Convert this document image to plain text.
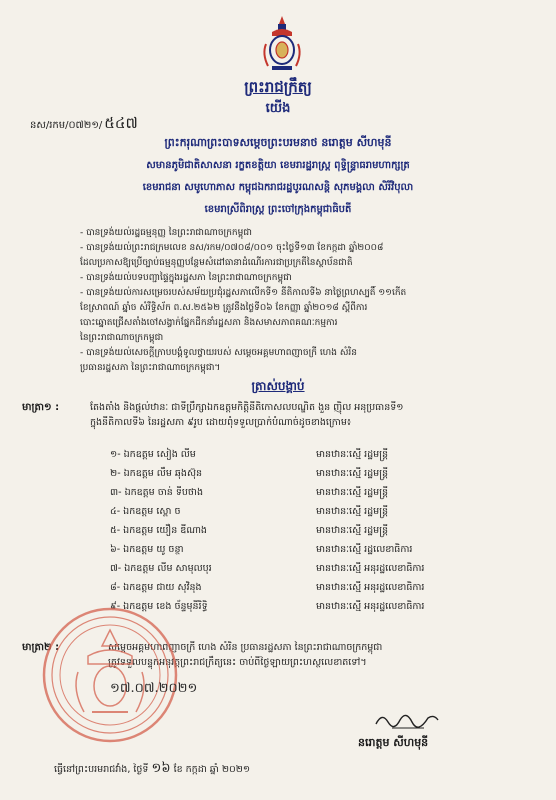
ព្រះរាជក្រឹត្យ
យើង
នស/រកម/០៧២១/ ៥៤៧
ព្រះករុណាព្រះបាទសម្តេចព្រះបរមនាថ នរោត្តម សីហមុនី
សមានភូមិជាតិសាសនា រក្ខតខត្តិយា ខេមរារដ្ឋរាស្ត្រ ពុទ្ធិន្ទ្រាធរាមហាក្សត្រ
ខេមរាជនា សមូហោភាស កម្ពុជឯករាជរដ្ឋបូរណសន្តិ សុភមង្គលា សិរីវិបុលា
ខេមរាស្រីពិរាស្ត្រ ព្រះចៅក្រុងកម្ពុជាធិបតី
- បានទ្រង់យល់រដ្ឋធម្មនុញ្ញ នៃព្រះរាជាណាចក្រកម្ពុជា
- បានទ្រង់យល់ព្រះរាជក្រមលេខ នស/រកម/០៧០៨/០០១ ចុះថ្ងៃទី១៣ ខែកក្កដា ឆ្នាំ២០០៨
ដែលប្រកាសឱ្យប្រើច្បាប់ធម្មនុញ្ញបន្ថែមសំដៅធានាដំណើរការជាប្រក្រតីនៃស្ថាប័នជាតិ
- បានទ្រង់យល់បទបញ្ជាផ្ទៃក្នុងរដ្ឋសភា នៃព្រះរាជាណាចក្រកម្ពុជា
- បានទ្រង់យល់ការសម្រេចរបស់សម័យប្រជុំរដ្ឋសភាលើកទី១ នីតិកាលទី៦ នាថ្ងៃព្រហស្បតិ៍ ១១កើត
ខែស្រាពណ៍ ឆ្នាំច សំរឹទ្ធិស័ក ព.ស.២៥៦២ ត្រូវនឹងថ្ងៃទី០៦ ខែកញ្ញា ឆ្នាំ២០១៨ ស្តីពីការ
បោះឆ្នោតជ្រើសតាំងចៅសង្វាក់ផ្នែកដឹកនាំរដ្ឋសភា និងសមាសភាពគណៈកម្មការ
នៃព្រះរាជាណាចក្រកម្ពុជា
- បានទ្រង់យល់សេចក្តីក្រាបបង្គំទូលថ្វាយរបស់ សម្តេចអគ្គមហាពញាចក្រី ហេង សំរិន
ប្រធានរដ្ឋសភា នៃព្រះរាជាណាចក្រកម្ពុជា។
ត្រាស់បង្គាប់
មាត្រា១ :	តែងតាំង និងផ្តល់ឋានៈ ជាទីប្រឹក្សាឯកឧត្តមកិត្តិនីតិកោសលបណ្ឌិត ងួន ញ៉ិល អនុប្រធានទី១
ក្នុងនីតិកាលទី៦ នៃរដ្ឋសភា ៩រូប ដោយពុំទទួលប្រាក់បំណាច់ដូចខាងក្រោម៖
១- ឯកឧត្តម សៀង លីម	មានឋានៈស្មើ រដ្ឋមន្ត្រី
២- ឯកឧត្តម លឹម ឆុងស៊ុន	មានឋានៈស្មើ រដ្ឋមន្ត្រី
៣- ឯកឧត្តម ចាន់ ទីបថាង	មានឋានៈស្មើ រដ្ឋមន្ត្រី
៤- ឯកឧត្តម ស្ពោ ច	មានឋានៈស្មើ រដ្ឋមន្ត្រី
៥- ឯកឧត្តម យឿន ឌីណាង	មានឋានៈស្មើ រដ្ឋមន្ត្រី
៦- ឯកឧត្តម យូ ចន្ថា	មានឋានៈស្មើ រដ្ឋលេខាធិការ
៧- ឯកឧត្តម លីម សាមុលបុរ	មានឋានៈស្មើ អនុរដ្ឋលេខាធិការ
៨- ឯកឧត្តម ជាយ សុវិនុង	មានឋានៈស្មើ អនុរដ្ឋលេខាធិការ
៩- ឯកឧត្តម ខេង ច័ន្ទមុនីរិទ្ធិ	មានឋានៈស្មើ អនុរដ្ឋលេខាធិការ
មាត្រា២ :	សម្តេចអគ្គមហាពញាចក្រី ហេង សំរិន ប្រធានរដ្ឋសភា នៃព្រះរាជាណាចក្រកម្ពុជា
ត្រូវទទួលបន្ទុកអនុវត្តព្រះរាជក្រឹត្យនេះ ចាប់ពីថ្ងៃឡាយព្រះហស្ថលេខាតទៅ។
១៧.០៧.២០២១
នរោត្តម សីហមុនី
ធ្វើនៅព្រះបរមរាជវាំង, ថ្ងៃទី ១៦ ខែ កក្កដា ឆ្នាំ ២០២១
